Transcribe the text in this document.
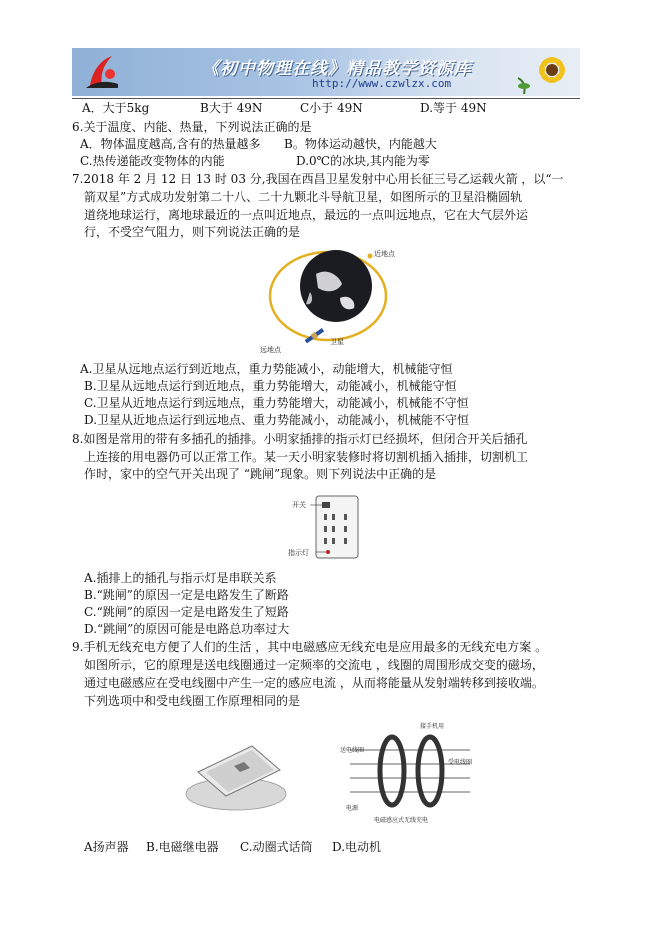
《初中物理在线》精品教学资源库
http://www.czwlzx.com
A．大于5kg	B大于 49N	C小于 49N	D.等于 49N
6.关于温度、内能、热量，下列说法正确的是
A．物体温度越高,含有的热量越多 B。物体运动越快，内能越大
C.热传递能改变物体的内能	D.0℃的冰块,其内能为零
7.2018 年 2 月 12 日 13 时 03 分,我国在西昌卫星发射中心用长征三号乙运载火箭 ，以“一
箭双星”方式成功发射第二十八、二十九颗北斗导航卫星，如图所示的卫星沿椭圆轨
道绕地球运行，离地球最近的一点叫近地点，最远的一点叫远地点，它在大气层外运
行，不受空气阻力，则下列说法正确的是
近地点
卫星
远地点
A.卫星从远地点运行到近地点，重力势能减小，动能增大，机械能守恒
B.卫星从远地点运行到近地点，重力势能增大，动能减小，机械能守恒
C.卫星从近地点运行到远地点，重力势能增大，动能减小，机械能不守恒
D.卫星从近地点运行到远地点、重力势能减小，动能减小，机械能不守恒
8.如图是常用的带有多插孔的插排。小明家插排的指示灯已经损坏，但闭合开关后插孔
上连接的用电器仍可以正常工作。某一天小明家装修时将切割机插入插排，切割机工
作时，家中的空气开关出现了 “跳闸”现象。则下列说法中正确的是
开关
指示灯
A.插排上的插孔与指示灯是串联关系
B.“跳闸”的原因一定是电路发生了断路
C.“跳闸”的原因一定是电路发生了短路
D.“跳闸”的原因可能是电路总功率过大
9.手机无线充电方便了人们的生活 ，其中电磁感应无线充电是应用最多的无线充电方案 。
如图所示，它的原理是送电线圈通过一定频率的交流电 ，线圈的周围形成交变的磁场，
通过电磁感应在受电线圈中产生一定的感应电流 ，从而将能量从发射端转移到接收端。
下列选项中和受电线圈工作原理相同的是
接手机用
送电线圈
受电线圈
电源
电磁感应式无线充电
A扬声器 B.电磁继电器 C.动圈式话筒 D.电动机
